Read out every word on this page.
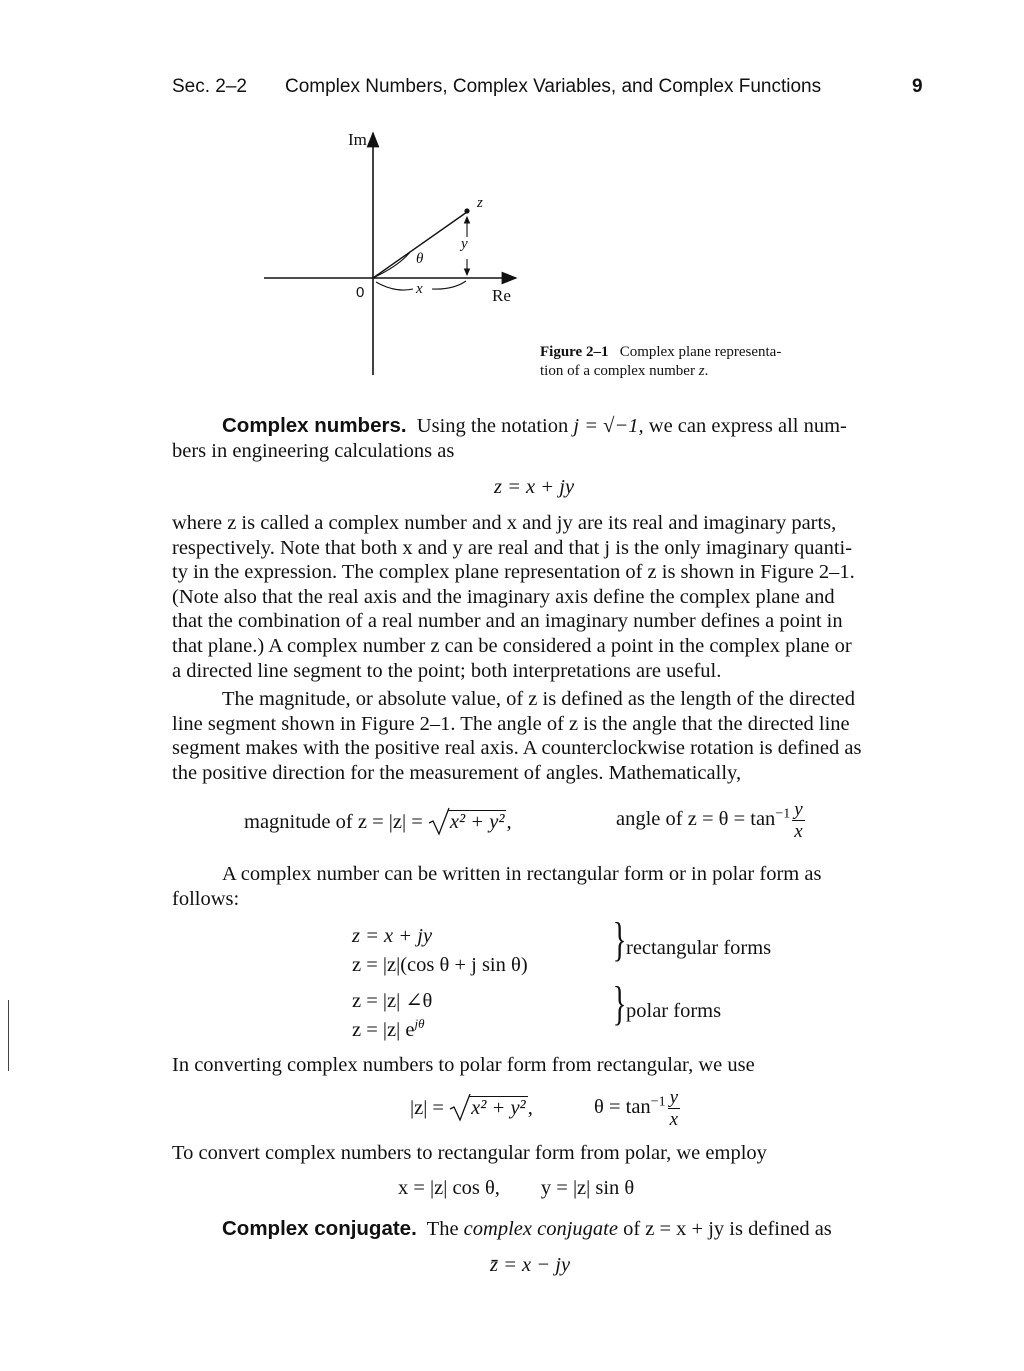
Sec. 2–2 Complex Numbers, Complex Variables, and Complex Functions	9
Im
Re
0
z
y
x
θ
Figure 2–1 Complex plane representa-
tion of a complex number z.
Complex numbers. Using the notation j = √−1, we can express all num-
bers in engineering calculations as
z = x + jy
where z is called a complex number and x and jy are its real and imaginary parts,
respectively. Note that both x and y are real and that j is the only imaginary quanti-
ty in the expression. The complex plane representation of z is shown in Figure 2–1.
(Note also that the real axis and the imaginary axis define the complex plane and
that the combination of a real number and an imaginary number defines a point in
that plane.) A complex number z can be considered a point in the complex plane or
a directed line segment to the point; both interpretations are useful.
The magnitude, or absolute value, of z is defined as the length of the directed
line segment shown in Figure 2–1. The angle of z is the angle that the directed line
segment makes with the positive real axis. A counterclockwise rotation is defined as
the positive direction for the measurement of angles. Mathematically,
magnitude of z = |z| = x² + y²,	angle of $z = \theta = \tan^{-1} \frac{y}{x}$
A complex number can be written in rectangular form or in polar form as
follows:
z = x + jy
z = |z|(cos θ + j sin θ) } rectangular forms
z = |z| ∠θ
z = |z| $e^{j\theta}$	} polar forms
In converting complex numbers to polar form from rectangular, we use
|z| = x² + y²,	$\theta = \tan^{-1} \frac{y}{x}$
To convert complex numbers to rectangular form from polar, we employ
x = |z| cos θ,        y = |z| sin θ
Complex conjugate. The complex conjugate of z = x + jy is defined as
z̄ = x − jy
